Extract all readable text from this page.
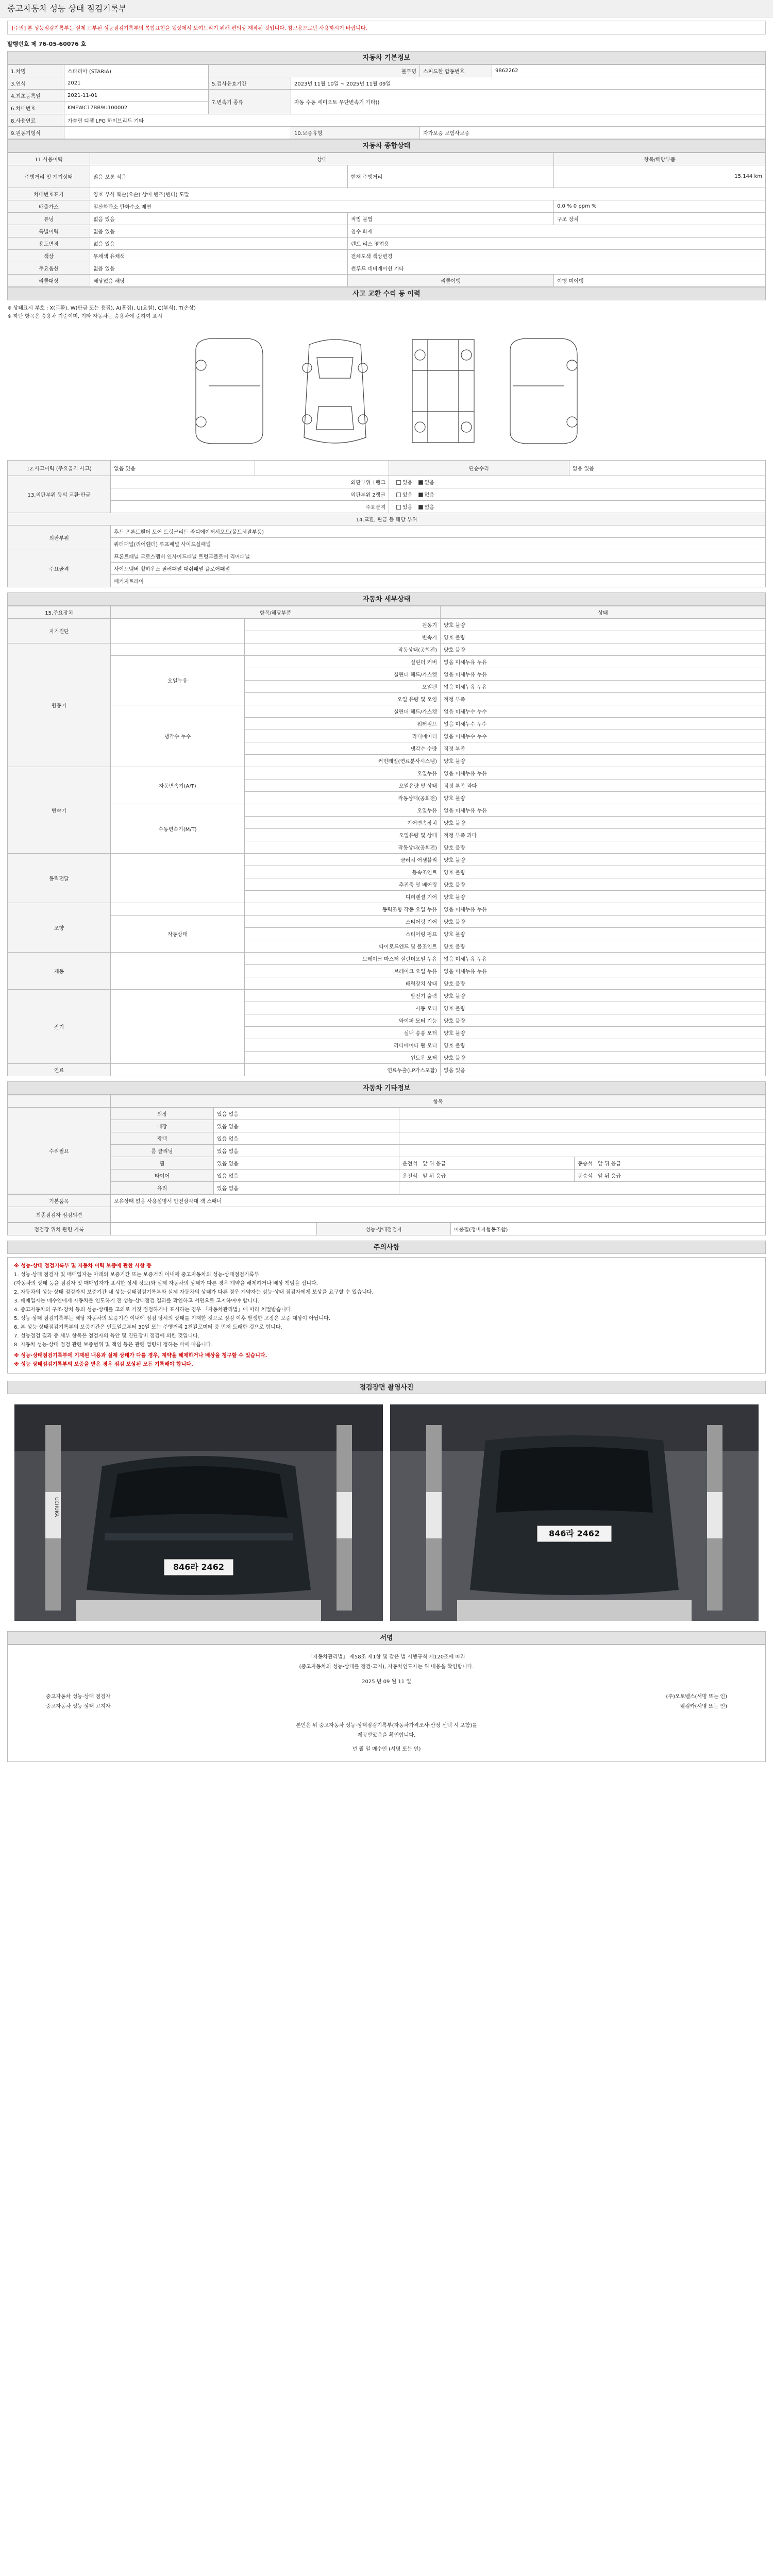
중고자동차 성능 상태 점검기록부
[주의] 본 성능점검기록부는 실제 교부된 성능점검기록부의 복합표현을 웹상에서 보여드리기 위해 편의상 재작된 것입니다. 참고용으로만 사용하시기 바랍니다.
발행번호 제 76-05-60076 호
자동차 기본정보
1.차명	스타리아 (STARIA)	불투명		스피드한 합동번호	9862262
3.연식	2021	5.검사유효기간	2023년 11월 10일 ~ 2025년 11월 09일		
4.최초등록일	2021-11-01	7.변속기 종류	자동 수동 세미오토 무단변속기 기타()		
6.차대번호	KMFWC17BB9U100002				
8.사용연료	가솔린 디젤 LPG 하이브리드 기타				
9.원동기형식			10.보증유형	자가보증 보험사보증	
자동차 종합상태
11.사용이력	상태		항목/해당부품
주행거리 및 계기상태	많음 보통 적음	현재 주행거리	15,144 km
차대번호표기	양호 부식 훼손(오손) 상이 변조(변타) 도말		
배출가스	일산화탄소 탄화수소 매연		0.0 % 0 ppm %
튜닝	없음 있음	적법 불법	구조 장치
특별이력	없음 있음	침수 화재	
용도변경	없음 있음	렌트 리스 영업용	
색상	무채색 유채색	전체도색 색상변경	
주요옵션	없음 있음	썬루프 네비게이션 기타	
리콜대상	해당없음 해당	리콜이행	이행 미이행
사고 교환 수리 등 이력
※ 상태표시 부호 : X(교환), W(판금 또는 용접), A(흠집), U(요철), C(부식), T(손상)
※ 하단 항목은 승용차 기준이며, 기타 자동차는 승용차에 준하여 표시
12.사고이력 (주요골격 사고)	없음 있음		단순수리	없음 있음
13.외판부위 등의 교환·판금	외판부위 1랭크		있음 없음	
	외판부위 2랭크		있음 없음	
	주요골격		있음 없음	
14.교환, 판금 등 해당 부위				
외판부위	후드 프론트휀더 도어 트렁크리드 라디에이터서포트(볼트체결부품)			
	쿼터패널(리어휀더) 루프패널 사이드실패널			
주요골격	프론트패널 크로스멤버 인사이드패널 트렁크플로어 리어패널			
	사이드멤버 휠하우스 필러패널 대쉬패널 플로어패널			
	패키지트레이			
자동차 세부상태
15.주요장치	항목/해당부품		상태
자기진단		원동기	양호 불량
		변속기	양호 불량
원동기		작동상태(공회전)	양호 불량
	오일누유	실린더 커버	없음 미세누유 누유
		실린더 헤드/가스켓	없음 미세누유 누유
		오일팬	없음 미세누유 누유
		오일 유량 및 오염	적정 부족
	냉각수 누수	실린더 헤드/가스켓	없음 미세누수 누수
		워터펌프	없음 미세누수 누수
		라디에이터	없음 미세누수 누수
		냉각수 수량	적정 부족
		커먼레일(연료분사시스템)	양호 불량
변속기	자동변속기(A/T)	오일누유	없음 미세누유 누유
		오일유량 및 상태	적정 부족 과다
		작동상태(공회전)	양호 불량
	수동변속기(M/T)	오일누유	없음 미세누유 누유
		기어변속장치	양호 불량
		오일유량 및 상태	적정 부족 과다
		작동상태(공회전)	양호 불량
동력전달		클러치 어셈블리	양호 불량
		등속조인트	양호 불량
		추진축 및 베어링	양호 불량
		디퍼렌셜 기어	양호 불량
조향		동력조향 작동 오일 누유	없음 미세누유 누유
	작동상태	스티어링 기어	양호 불량
		스티어링 펌프	양호 불량
		타이로드엔드 및 볼조인트	양호 불량
제동		브레이크 마스터 실린더오일 누유	없음 미세누유 누유
		브레이크 오일 누유	없음 미세누유 누유
		배력장치 상태	양호 불량
전기		발전기 출력	양호 불량
		시동 모터	양호 불량
		와이퍼 모터 기능	양호 불량
		실내 송풍 모터	양호 불량
		라디에이터 팬 모터	양호 불량
		윈도우 모터	양호 불량
연료		연료누출(LP가스포함)	없음 있음
자동차 기타정보
	항목			
수리필요	외장	있음 없음		
	내장	있음 없음		
	광택	있음 없음		
	룸 클리닝	있음 없음		
	휠	있음 없음	운전석 앞 뒤 응급	동승석 앞 뒤 응급
	타이어	있음 없음	운전석 앞 뒤 응급	동승석 앞 뒤 응급
	유리	있음 없음		
기본품목	보유상태 없음 사용설명서 안전삼각대 잭 스패너
최종점검자 점검의견	
점검장 위치 관련 기록		성능·상태점검자	이종필(정비자협동조합)
주의사항
※ 성능·상태 점검기록부 및 자동차 이력 보증에 관한 사항 등
1. 성능·상태 점검자 및 매매업자는 아래의 보증기간 또는 보증거리 이내에 중고자동차의 성능·상태점검기록부
(자동차의 상태 등을 점검자 및 매매업자가 표시한 상세 정보)와 실제 자동차의 상태가 다른 경우 계약을 해제하거나 배상 책임을 집니다.
2. 자동차의 성능·상태 점검자의 보증기간 내 성능·상태점검기록부와 실제 자동차의 상태가 다른 경우 계약자는 성능·상태 점검자에게 보상을 요구할 수 있습니다.
3. 매매업자는 매수인에게 자동차를 인도하기 전 성능·상태점검 결과를 확인하고 서면으로 고지하여야 합니다.
4. 중고자동차의 구조·장치 등의 성능·상태를 고의로 거짓 점검하거나 표시하는 경우 「자동차관리법」에 따라 처벌받습니다.
5. 성능·상태 점검기록부는 해당 자동차의 보증기간 이내에 점검 당시의 상태를 기재한 것으로 점검 이후 발생한 고장은 보증 대상이 아닙니다.
6. 본 성능·상태점검기록부의 보증기간은 인도일로부터 30일 또는 주행거리 2천킬로미터 중 먼저 도래한 것으로 합니다.
7. 성능점검 결과 중 세부 항목은 점검자의 육안 및 진단장비 점검에 의한 것입니다.
8. 자동차 성능·상태 점검 관련 보증범위 및 책임 등은 관련 법령이 정하는 바에 따릅니다.
※ 성능·상태점검기록부에 기재된 내용과 실제 상태가 다를 경우, 계약을 해제하거나 배상을 청구할 수 있습니다.
※ 성능 상태점검기록부의 보증을 받은 경우 점검 보상된 모든 기록해야 합니다.
점검장면 촬영사진
846라 2462
UCHUKA
846라 2462
서명
「자동차관리법」 제58조 제1항 및 같은 법 시행규칙 제120조에 따라
(중고자동차의 성능·상태를 점검·고지), 자동차인도자는 위 내용을 확인합니다.
2025 년 09 월 11 일
중고자동차 성능·상태 점검자	(주)오토벨스(서명 또는 인)
중고자동차 성능·상태 고지자	웰컴카(서명 또는 인)
본인은 위 중고자동차 성능·상태점검기록부(자동차가격조사·산정 선택 시 포함)를
제공받았음을 확인합니다.
년 월 일 매수인 (서명 또는 인)
